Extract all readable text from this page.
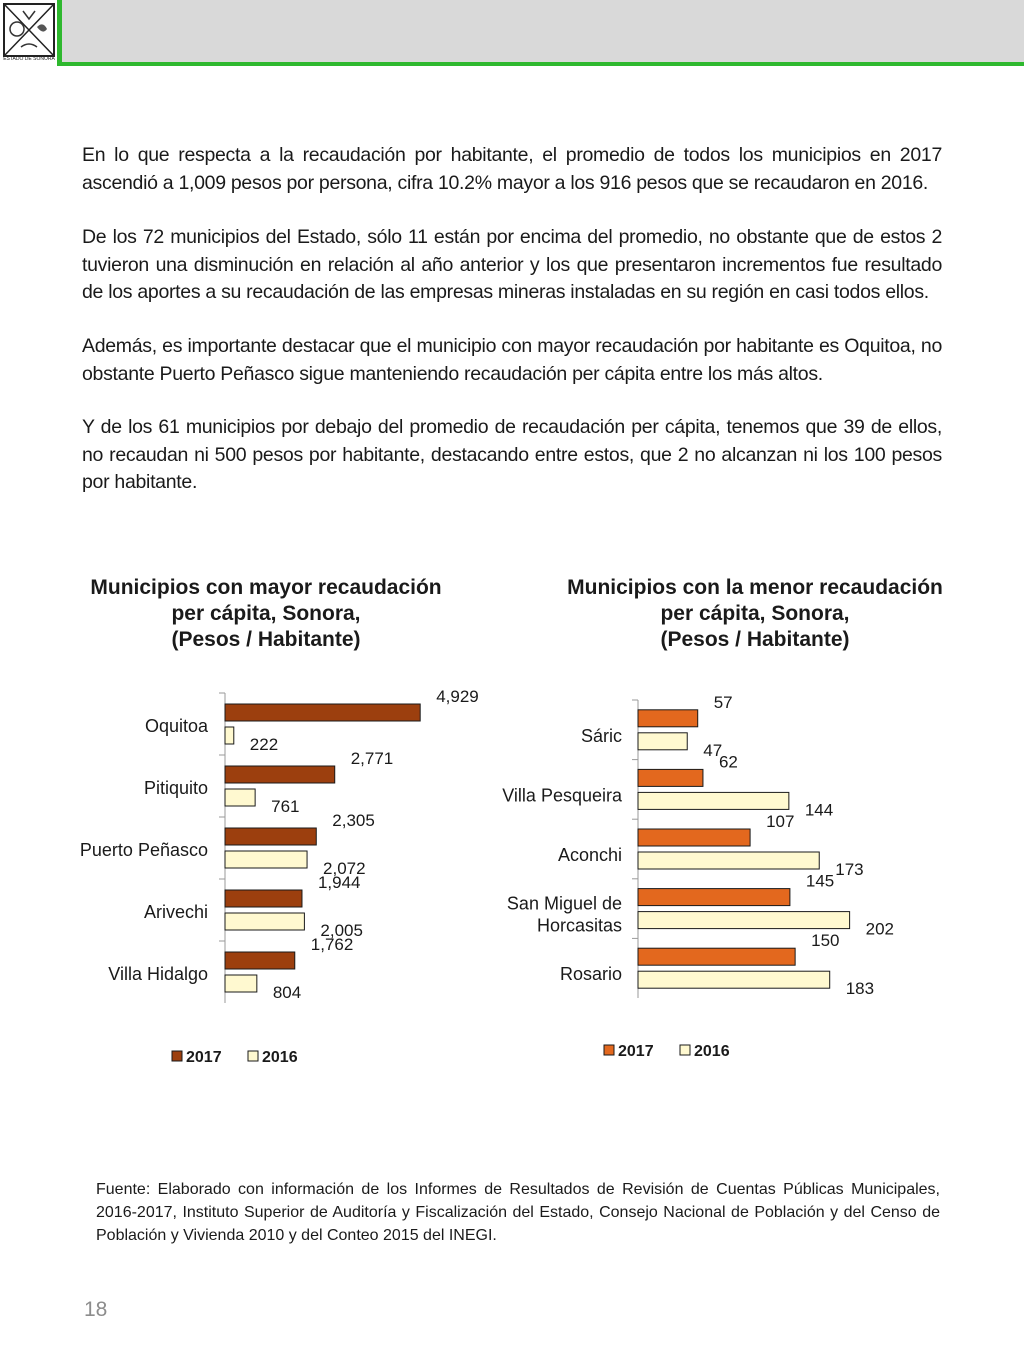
ESTADO DE SONORA

En lo que respecta a la recaudación por habitante, el promedio de todos los municipios en 2017 ascendió a 1,009 pesos por persona, cifra 10.2% mayor a los 916 pesos que se recaudaron en 2016.

De los 72 municipios del Estado, sólo 11 están por encima del promedio, no obstante que de estos 2 tuvieron una disminución en relación al año anterior y los que presentaron incrementos fue resultado de los aportes a su recaudación de las empresas mineras instaladas en su región en casi todos ellos.

Además, es importante destacar que el municipio con mayor recaudación por habitante es Oquitoa, no obstante Puerto Peñasco sigue manteniendo recaudación per cápita entre los más altos.

Y de los 61 municipios por debajo del promedio de recaudación per cápita, tenemos que 39 de ellos, no recaudan ni 500 pesos por habitante, destacando entre estos, que 2 no alcanzan ni los 100 pesos por habitante.

Municipios con mayor recaudación
per cápita, Sonora,
(Pesos / Habitante)
Municipios con la menor recaudación
per cápita, Sonora,
(Pesos / Habitante)
Oquitoa
4,929
222
Pitiquito
2,771
761
Puerto Peñasco
2,305
2,072
Arivechi
1,944
2,005
Villa Hidalgo
1,762
804
2017	2016
Sáric
57
47
Villa Pesqueira
62
144
Aconchi
107
173
San Miguel de
Horcasitas
145
202
Rosario
150
183
2017	2016

Fuente: Elaborado con información de los Informes de Resultados de Revisión de Cuentas Públicas Municipales, 2016-2017, Instituto Superior de Auditoría y Fiscalización del Estado, Consejo Nacional de Población y del Censo de Población y Vivienda 2010 y del Conteo 2015 del INEGI.

18
